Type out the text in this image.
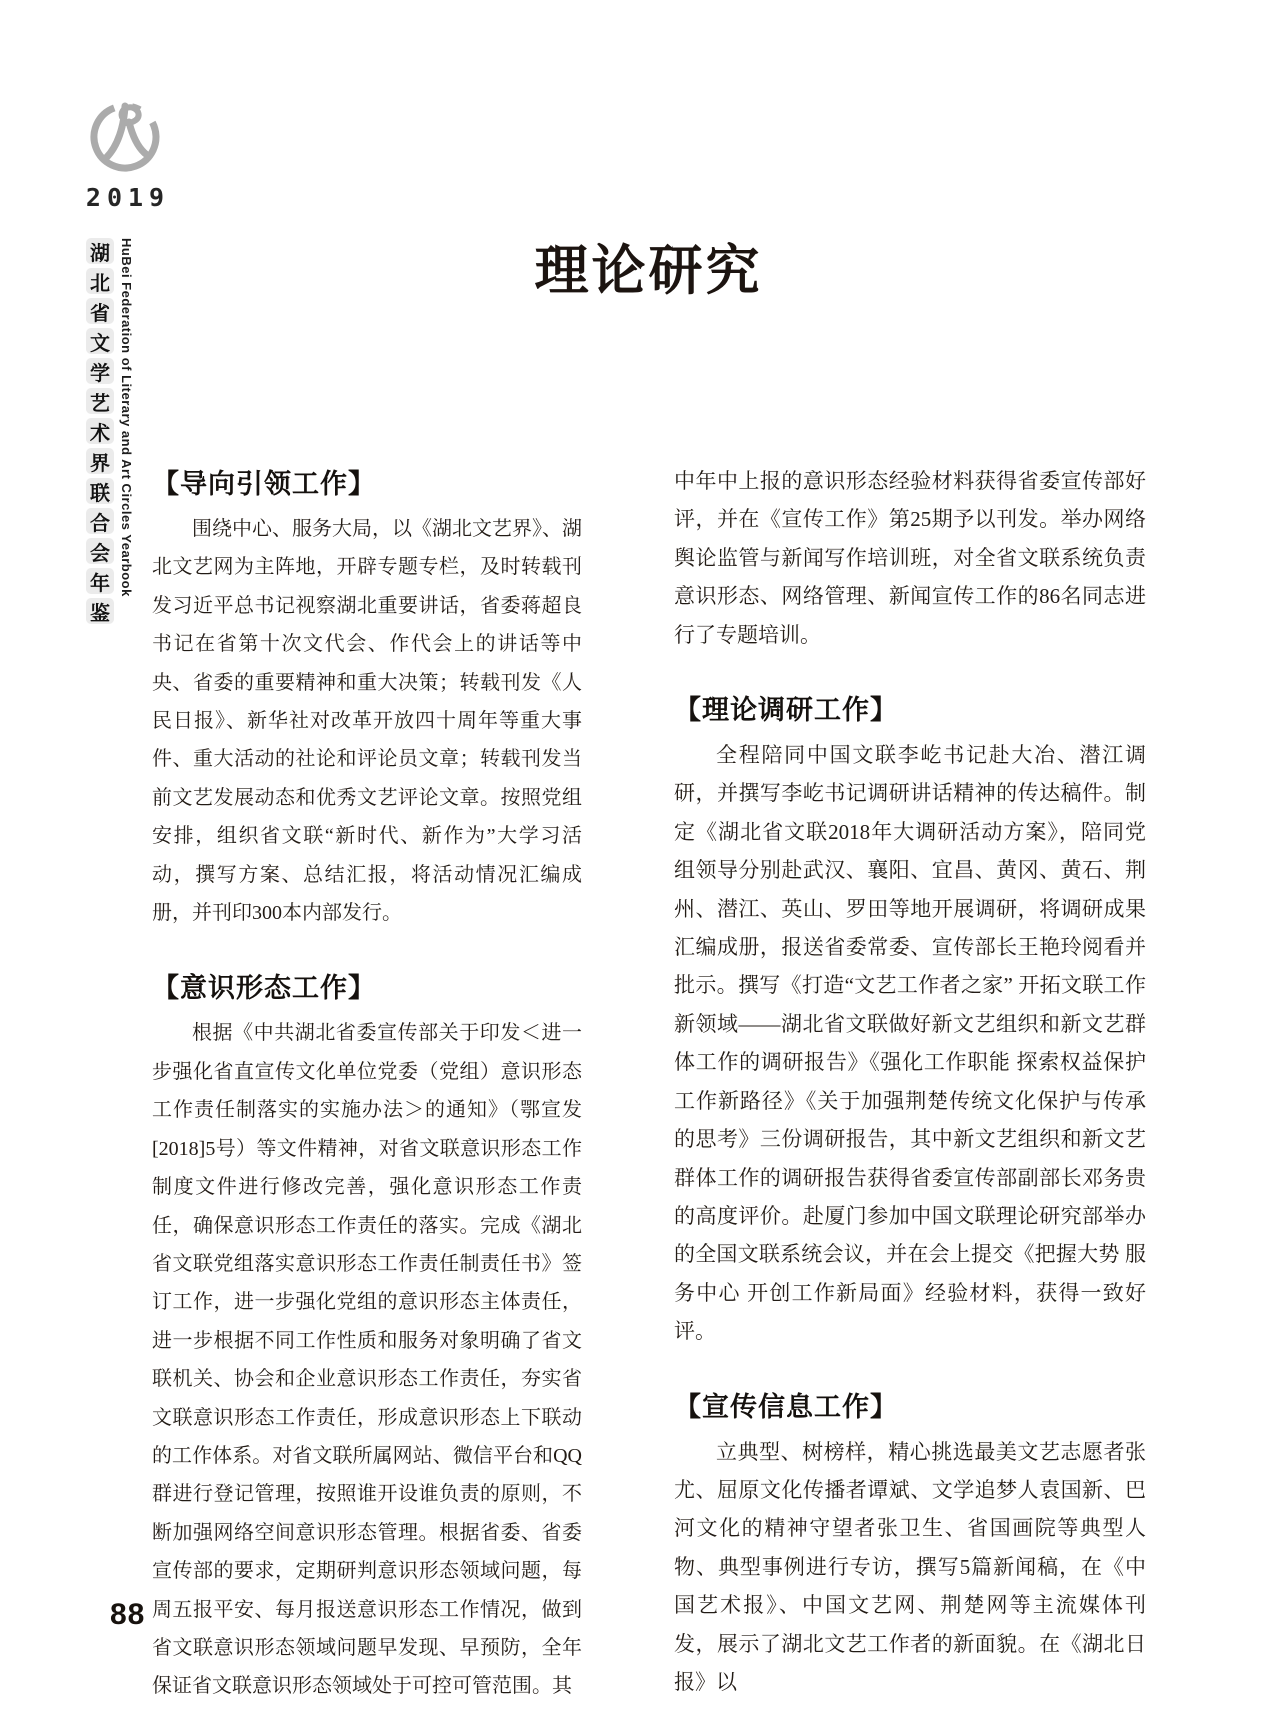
2019
湖
北
省
文
学
艺
术
界
联
合
会
年
鉴
HuBei Federation of Literary and Art Circles Yearbook	理论研究
【导向引领工作】

围绕中心、服务大局，以《湖北文艺界》、湖北文艺网为主阵地，开辟专题专栏，及时转载刊发习近平总书记视察湖北重要讲话，省委蒋超良书记在省第十次文代会、作代会上的讲话等中央、省委的重要精神和重大决策；转载刊发《人民日报》、新华社对改革开放四十周年等重大事件、重大活动的社论和评论员文章；转载刊发当前文艺发展动态和优秀文艺评论文章。按照党组安排，组织省文联“新时代、新作为”大学习活动，撰写方案、总结汇报，将活动情况汇编成册，并刊印300本内部发行。

【意识形态工作】

根据《中共湖北省委宣传部关于印发＜进一步强化省直宣传文化单位党委（党组）意识形态工作责任制落实的实施办法＞的通知》（鄂宣发[2018]5号）等文件精神，对省文联意识形态工作制度文件进行修改完善，强化意识形态工作责任，确保意识形态工作责任的落实。完成《湖北省文联党组落实意识形态工作责任制责任书》签订工作，进一步强化党组的意识形态主体责任，进一步根据不同工作性质和服务对象明确了省文联机关、协会和企业意识形态工作责任，夯实省文联意识形态工作责任，形成意识形态上下联动的工作体系。对省文联所属网站、微信平台和QQ群进行登记管理，按照谁开设谁负责的原则，不断加强网络空间意识形态管理。根据省委、省委宣传部的要求，定期研判意识形态领域问题，每周五报平安、每月报送意识形态工作情况，做到省文联意识形态领域问题早发现、早预防，全年保证省文联意识形态领域处于可控可管范围。其

中年中上报的意识形态经验材料获得省委宣传部好评，并在《宣传工作》第25期予以刊发。举办网络舆论监管与新闻写作培训班，对全省文联系统负责意识形态、网络管理、新闻宣传工作的86名同志进行了专题培训。

【理论调研工作】

全程陪同中国文联李屹书记赴大冶、潜江调研，并撰写李屹书记调研讲话精神的传达稿件。制定《湖北省文联2018年大调研活动方案》，陪同党组领导分别赴武汉、襄阳、宜昌、黄冈、黄石、荆州、潜江、英山、罗田等地开展调研，将调研成果汇编成册，报送省委常委、宣传部长王艳玲阅看并批示。撰写《打造“文艺工作者之家” 开拓文联工作新领域——湖北省文联做好新文艺组织和新文艺群体工作的调研报告》《强化工作职能 探索权益保护工作新路径》《关于加强荆楚传统文化保护与传承的思考》三份调研报告，其中新文艺组织和新文艺群体工作的调研报告获得省委宣传部副部长邓务贵的高度评价。赴厦门参加中国文联理论研究部举办的全国文联系统会议，并在会上提交《把握大势 服务中心 开创工作新局面》经验材料，获得一致好评。

【宣传信息工作】

立典型、树榜样，精心挑选最美文艺志愿者张尤、屈原文化传播者谭斌、文学追梦人袁国新、巴河文化的精神守望者张卫生、省国画院等典型人物、典型事例进行专访，撰写5篇新闻稿，在《中国艺术报》、中国文艺网、荆楚网等主流媒体刊发，展示了湖北文艺工作者的新面貌。在《湖北日报》以

88
